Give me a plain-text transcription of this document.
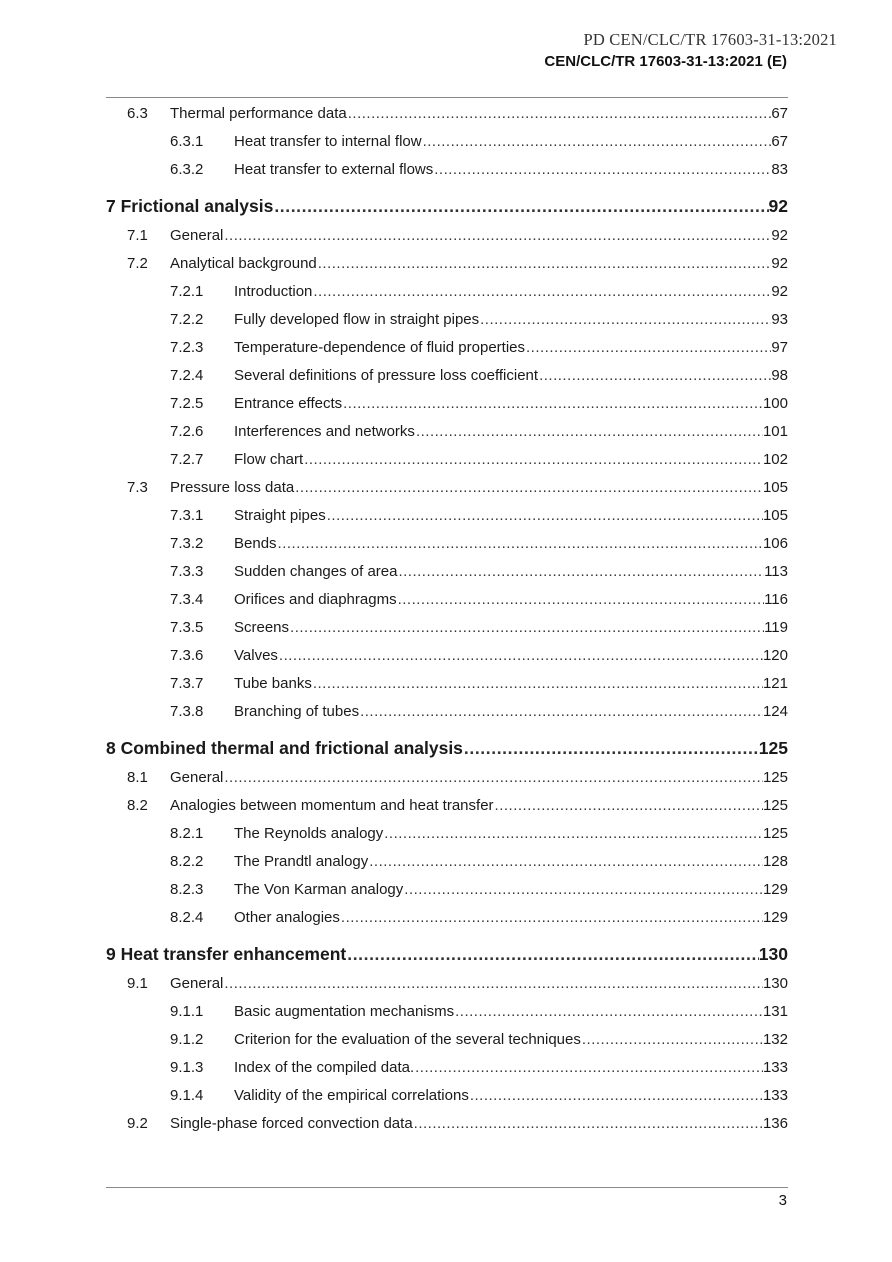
PD CEN/CLC/TR 17603-31-13:2021
CEN/CLC/TR 17603-31-13:2021 (E)
6.3	Thermal performance data .....	67
6.3.1	Heat transfer to internal flow .....	67
6.3.2	Heat transfer to external flows .....	83
7 Frictional analysis .....	92
7.1	General .....	92
7.2	Analytical background .....	92
7.2.1	Introduction .....	92
7.2.2	Fully developed flow in straight pipes .....	93
7.2.3	Temperature-dependence of fluid properties .....	97
7.2.4	Several definitions of pressure loss coefficient .....	98
7.2.5	Entrance effects .....	100
7.2.6	Interferences and networks .....	101
7.2.7	Flow chart .....	102
7.3	Pressure loss data .....	105
7.3.1	Straight pipes .....	105
7.3.2	Bends .....	106
7.3.3	Sudden changes of area .....	113
7.3.4	Orifices and diaphragms .....	116
7.3.5	Screens .....	119
7.3.6	Valves .....	120
7.3.7	Tube banks .....	121
7.3.8	Branching of tubes .....	124
8 Combined thermal and frictional analysis .....	125
8.1	General .....	125
8.2	Analogies between momentum and heat transfer .....	125
8.2.1	The Reynolds analogy .....	125
8.2.2	The Prandtl analogy .....	128
8.2.3	The Von Karman analogy .....	129
8.2.4	Other analogies .....	129
9 Heat transfer enhancement .....	130
9.1	General .....	130
9.1.1	Basic augmentation mechanisms .....	131
9.1.2	Criterion for the evaluation of the several techniques .....	132
9.1.3	Index of the compiled data. .....	133
9.1.4	Validity of the empirical correlations .....	133
9.2	Single-phase forced convection data .....	136
3
